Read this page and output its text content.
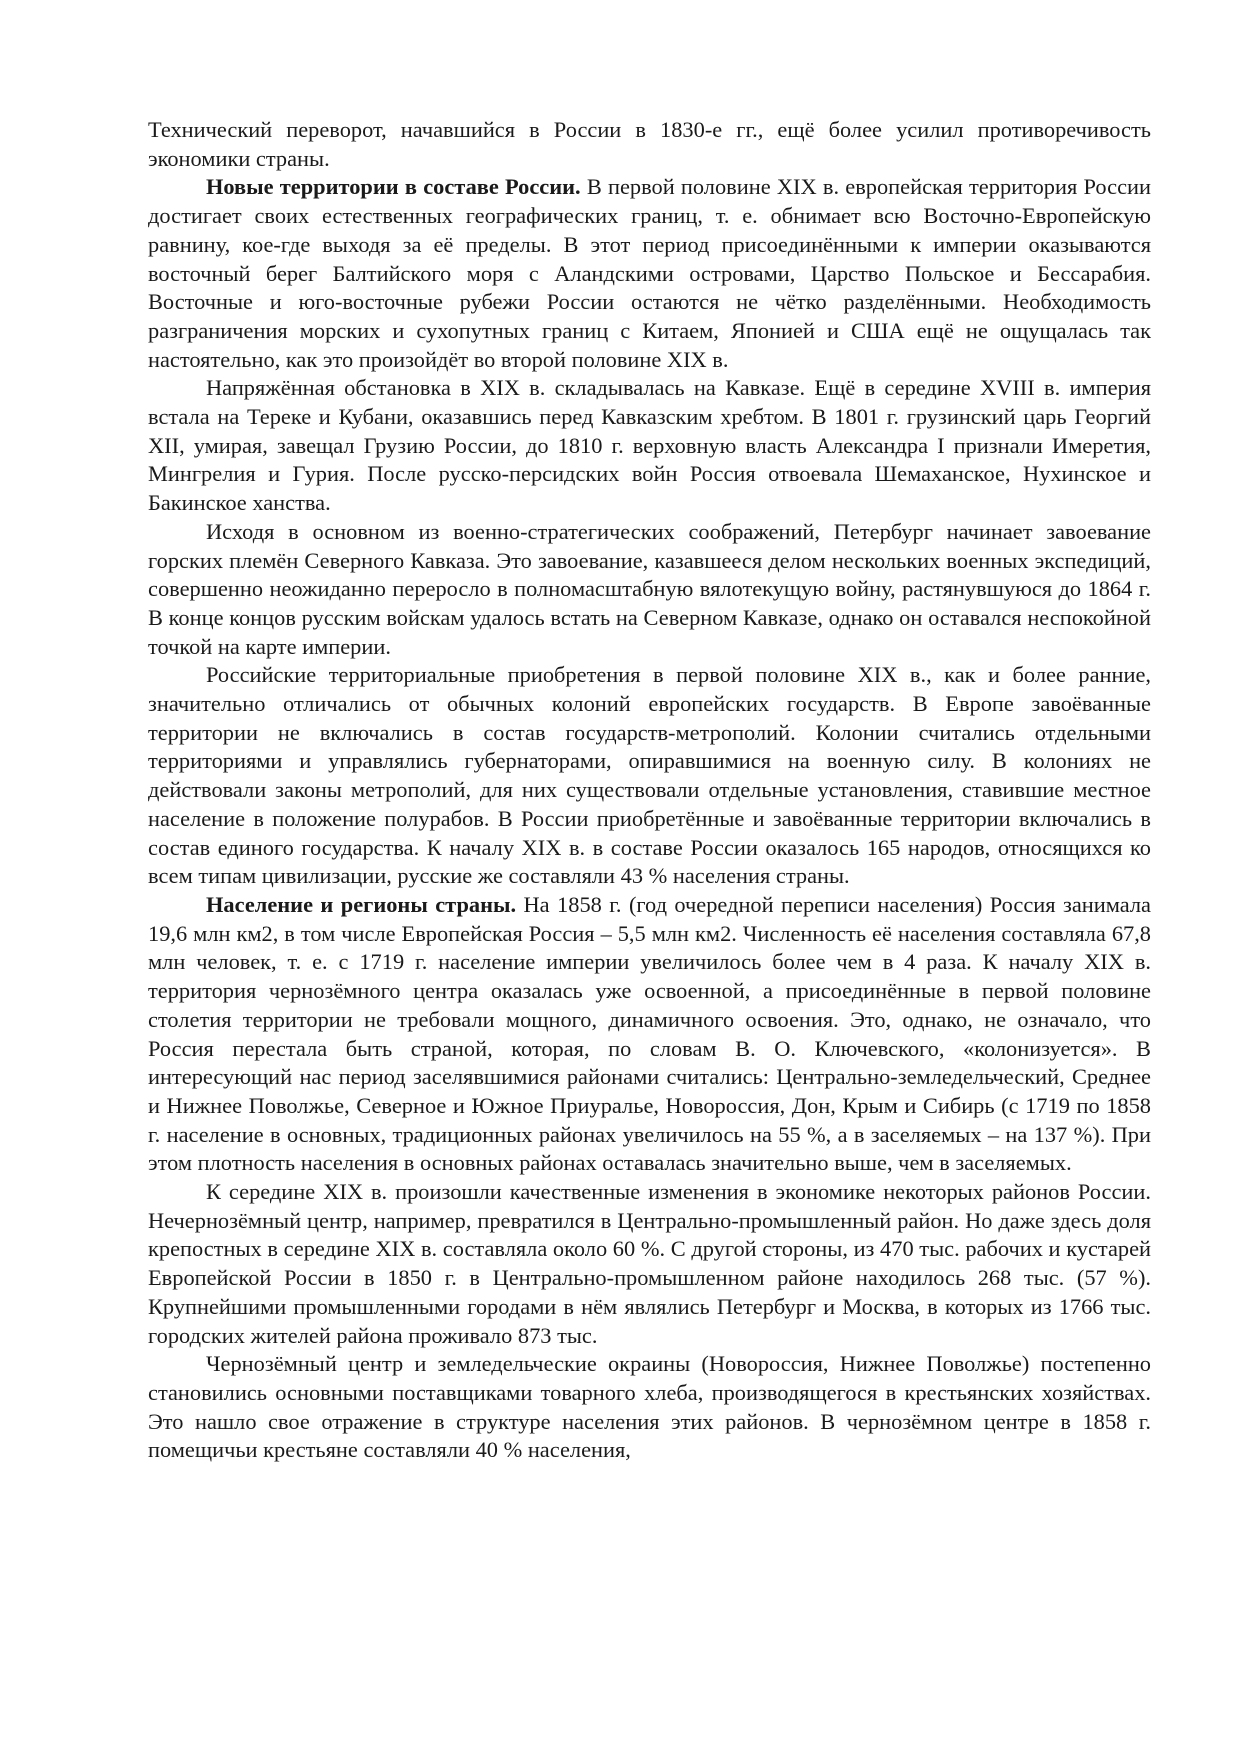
Технический переворот, начавшийся в России в 1830-е гг., ещё более усилил противоречивость экономики страны.

Новые территории в составе России. В первой половине XIX в. европейская территория России достигает своих естественных географических границ, т. е. обнимает всю Восточно-Европейскую равнину, кое-где выходя за её пределы. В этот период присоединёнными к империи оказываются восточный берег Балтийского моря с Аландскими островами, Царство Польское и Бессарабия. Восточные и юго-восточные рубежи России остаются не чётко разделёнными. Необходимость разграничения морских и сухопутных границ с Китаем, Японией и США ещё не ощущалась так настоятельно, как это произойдёт во второй половине XIX в.

Напряжённая обстановка в XIX в. складывалась на Кавказе. Ещё в середине XVIII в. империя встала на Тереке и Кубани, оказавшись перед Кавказским хребтом. В 1801 г. грузинский царь Георгий XII, умирая, завещал Грузию России, до 1810 г. верховную власть Александра I признали Имеретия, Мингрелия и Гурия. После русско-персидских войн Россия отвоевала Шемаханское, Нухинское и Бакинское ханства.

Исходя в основном из военно-стратегических соображений, Петербург начинает завоевание горских племён Северного Кавказа. Это завоевание, казавшееся делом нескольких военных экспедиций, совершенно неожиданно переросло в полномасштабную вялотекущую войну, растянувшуюся до 1864 г. В конце концов русским войскам удалось встать на Северном Кавказе, однако он оставался неспокойной точкой на карте империи.

Российские территориальные приобретения в первой половине XIX в., как и более ранние, значительно отличались от обычных колоний европейских государств. В Европе завоёванные территории не включались в состав государств-метрополий. Колонии считались отдельными территориями и управлялись губернаторами, опиравшимися на военную силу. В колониях не действовали законы метрополий, для них существовали отдельные установления, ставившие местное население в положение полурабов. В России приобретённые и завоёванные территории включались в состав единого государства. К началу XIX в. в составе России оказалось 165 народов, относящихся ко всем типам цивилизации, русские же составляли 43 % населения страны.

Население и регионы страны. На 1858 г. (год очередной переписи населения) Россия занимала 19,6 млн км2, в том числе Европейская Россия – 5,5 млн км2. Численность её населения составляла 67,8 млн человек, т. е. с 1719 г. население империи увеличилось более чем в 4 раза. К началу XIX в. территория чернозёмного центра оказалась уже освоенной, а присоединённые в первой половине столетия территории не требовали мощного, динамичного освоения. Это, однако, не означало, что Россия перестала быть страной, которая, по словам В. О. Ключевского, «колонизуется». В интересующий нас период заселявшимися районами считались: Центрально-земледельческий, Среднее и Нижнее Поволжье, Северное и Южное Приуралье, Новороссия, Дон, Крым и Сибирь (с 1719 по 1858 г. население в основных, традиционных районах увеличилось на 55 %, а в заселяемых – на 137 %). При этом плотность населения в основных районах оставалась значительно выше, чем в заселяемых.

К середине XIX в. произошли качественные изменения в экономике некоторых районов России. Нечернозёмный центр, например, превратился в Центрально-промышленный район. Но даже здесь доля крепостных в середине XIX в. составляла около 60 %. С другой стороны, из 470 тыс. рабочих и кустарей Европейской России в 1850 г. в Центрально-промышленном районе находилось 268 тыс. (57 %). Крупнейшими промышленными городами в нём являлись Петербург и Москва, в которых из 1766 тыс. городских жителей района проживало 873 тыс.

Чернозёмный центр и земледельческие окраины (Новороссия, Нижнее Поволжье) постепенно становились основными поставщиками товарного хлеба, производящегося в крестьянских хозяйствах. Это нашло свое отражение в структуре населения этих районов. В чернозёмном центре в 1858 г. помещичьи крестьяне составляли 40 % населения,
